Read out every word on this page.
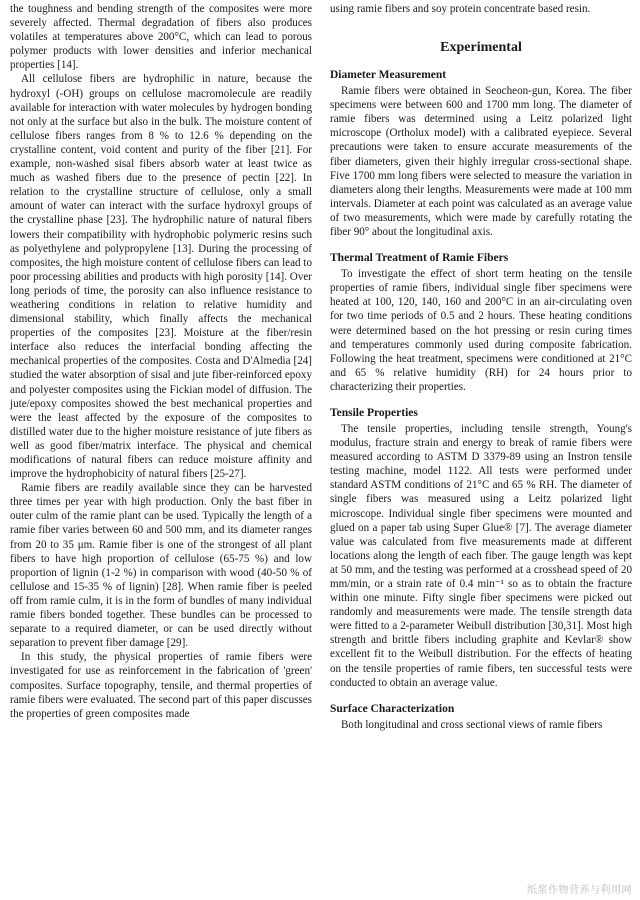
the toughness and bending strength of the composites were more severely affected. Thermal degradation of fibers also produces volatiles at temperatures above 200°C, which can lead to porous polymer products with lower densities and inferior mechanical properties [14].

All cellulose fibers are hydrophilic in nature, because the hydroxyl (-OH) groups on cellulose macromolecule are readily available for interaction with water molecules by hydrogen bonding not only at the surface but also in the bulk. The moisture content of cellulose fibers ranges from 8 % to 12.6 % depending on the crystalline content, void content and purity of the fiber [21]. For example, non-washed sisal fibers absorb water at least twice as much as washed fibers due to the presence of pectin [22]. In relation to the crystalline structure of cellulose, only a small amount of water can interact with the surface hydroxyl groups of the crystalline phase [23]. The hydrophilic nature of natural fibers lowers their compatibility with hydrophobic polymeric resins such as polyethylene and polypropylene [13]. During the processing of composites, the high moisture content of cellulose fibers can lead to poor processing abilities and products with high porosity [14]. Over long periods of time, the porosity can also influence resistance to weathering conditions in relation to relative humidity and dimensional stability, which finally affects the mechanical properties of the composites [23]. Moisture at the fiber/resin interface also reduces the interfacial bonding affecting the mechanical properties of the composites. Costa and D'Almedia [24] studied the water absorption of sisal and jute fiber-reinforced epoxy and polyester composites using the Fickian model of diffusion. The jute/epoxy composites showed the best mechanical properties and were the least affected by the exposure of the composites to distilled water due to the higher moisture resistance of jute fibers as well as good fiber/matrix interface. The physical and chemical modifications of natural fibers can reduce moisture affinity and improve the hydrophobicity of natural fibers [25-27].

Ramie fibers are readily available since they can be harvested three times per year with high production. Only the bast fiber in outer culm of the ramie plant can be used. Typically the length of a ramie fiber varies between 60 and 500 mm, and its diameter ranges from 20 to 35 μm. Ramie fiber is one of the strongest of all plant fibers to have high proportion of cellulose (65-75 %) and low proportion of lignin (1-2 %) in comparison with wood (40-50 % of cellulose and 15-35 % of lignin) [28]. When ramie fiber is peeled off from ramie culm, it is in the form of bundles of many individual ramie fibers bonded together. These bundles can be processed to separate to a required diameter, or can be used directly without separation to prevent fiber damage [29].

In this study, the physical properties of ramie fibers were investigated for use as reinforcement in the fabrication of 'green' composites. Surface topography, tensile, and thermal properties of ramie fibers were evaluated. The second part of this paper discusses the properties of green composites made

using ramie fibers and soy protein concentrate based resin.

Experimental
Diameter Measurement

Ramie fibers were obtained in Seocheon-gun, Korea. The fiber specimens were between 600 and 1700 mm long. The diameter of ramie fibers was determined using a Leitz polarized light microscope (Ortholux model) with a calibrated eyepiece. Several precautions were taken to ensure accurate measurements of the fiber diameters, given their highly irregular cross-sectional shape. Five 1700 mm long fibers were selected to measure the variation in diameters along their lengths. Measurements were made at 100 mm intervals. Diameter at each point was calculated as an average value of two measurements, which were made by carefully rotating the fiber 90° about the longitudinal axis.

Thermal Treatment of Ramie Fibers

To investigate the effect of short term heating on the tensile properties of ramie fibers, individual single fiber specimens were heated at 100, 120, 140, 160 and 200°C in an air-circulating oven for two time periods of 0.5 and 2 hours. These heating conditions were determined based on the hot pressing or resin curing times and temperatures commonly used during composite fabrication. Following the heat treatment, specimens were conditioned at 21°C and 65 % relative humidity (RH) for 24 hours prior to characterizing their properties.

Tensile Properties

The tensile properties, including tensile strength, Young's modulus, fracture strain and energy to break of ramie fibers were measured according to ASTM D 3379-89 using an Instron tensile testing machine, model 1122. All tests were performed under standard ASTM conditions of 21°C and 65 % RH. The diameter of single fibers was measured using a Leitz polarized light microscope. Individual single fiber specimens were mounted and glued on a paper tab using Super Glue® [7]. The average diameter value was calculated from five measurements made at different locations along the length of each fiber. The gauge length was kept at 50 mm, and the testing was performed at a crosshead speed of 20 mm/min, or a strain rate of 0.4 min⁻¹ so as to obtain the fracture within one minute. Fifty single fiber specimens were picked out randomly and measurements were made. The tensile strength data were fitted to a 2-parameter Weibull distribution [30,31]. Most high strength and brittle fibers including graphite and Kevlar® show excellent fit to the Weibull distribution. For the effects of heating on the tensile properties of ramie fibers, ten successful tests were conducted to obtain an average value.

Surface Characterization

Both longitudinal and cross sectional views of ramie fibers

纸浆作物营养与利用网
